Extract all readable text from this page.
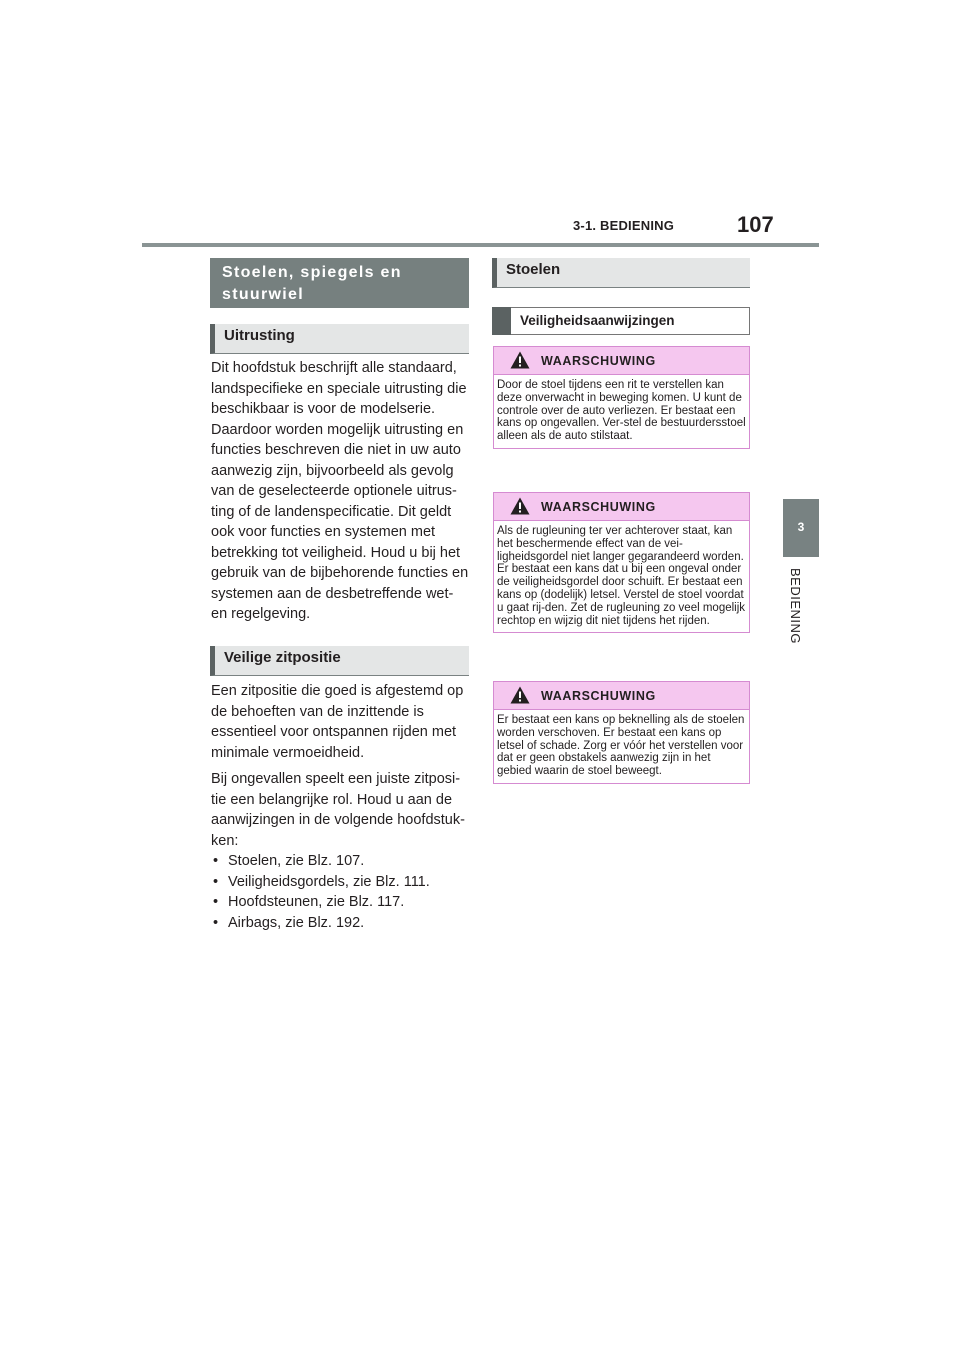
3-1. BEDIENING	107
3
BEDIENING
Stoelen, spiegels en
stuurwiel
Uitrusting

Dit hoofdstuk beschrijft alle standaard, landspecifieke en speciale uitrusting die beschikbaar is voor de modelserie. Daardoor worden mogelijk uitrusting en functies beschreven die niet in uw auto aanwezig zijn, bijvoorbeeld als gevolg van de geselecteerde optionele uitrus-ting of de landenspecificatie. Dit geldt ook voor functies en systemen met betrekking tot veiligheid. Houd u bij het gebruik van de bijbehorende functies en systemen aan de desbetreffende wet- en regelgeving.

Veilige zitpositie

Een zitpositie die goed is afgestemd op de behoeften van de inzittende is essentieel voor ontspannen rijden met minimale vermoeidheid.

Bij ongevallen speelt een juiste zitposi-tie een belangrijke rol. Houd u aan de aanwijzingen in de volgende hoofdstuk-ken:

• Stoelen, zie Blz. 107.
• Veiligheidsgordels, zie Blz. 111.
• Hoofdsteunen, zie Blz. 117.
• Airbags, zie Blz. 192.
Stoelen
Veiligheidsaanwijzingen
WAARSCHUWING
Door de stoel tijdens een rit te verstellen kan deze onverwacht in beweging komen. U kunt de controle over de auto verliezen. Er bestaat een kans op ongevallen. Ver-stel de bestuurdersstoel alleen als de auto stilstaat.
WAARSCHUWING
Als de rugleuning ter ver achterover staat, kan het beschermende effect van de vei-ligheidsgordel niet langer gegarandeerd worden. Er bestaat een kans dat u bij een ongeval onder de veiligheidsgordel door schuift. Er bestaat een kans op (dodelijk) letsel. Verstel de stoel voordat u gaat rij-den. Zet de rugleuning zo veel mogelijk rechtop en wijzig dit niet tijdens het rijden.
WAARSCHUWING
Er bestaat een kans op beknelling als de stoelen worden verschoven. Er bestaat een kans op letsel of schade. Zorg er vóór het verstellen voor dat er geen obstakels aanwezig zijn in het gebied waarin de stoel beweegt.
